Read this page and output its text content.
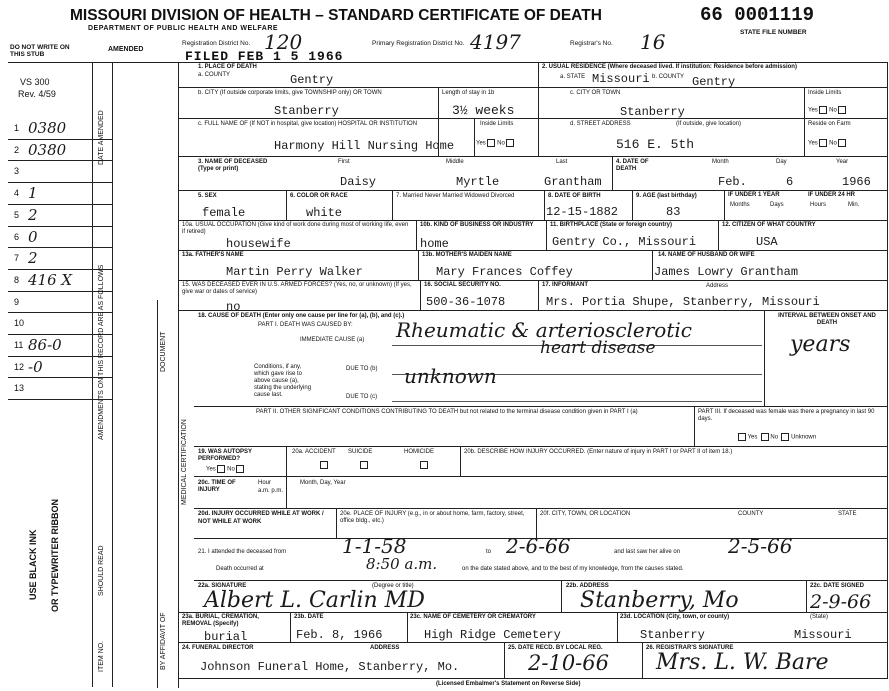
MISSOURI DIVISION OF HEALTH – STANDARD CERTIFICATE OF DEATH
DEPARTMENT OF PUBLIC HEALTH AND WELFARE
66 0001119
STATE FILE NUMBER
Registration District No. 120	Primary Registration District No. 4197	Registrar's No. 16
FILED FEB 1 5 1966
DO NOT WRITE ON THIS STUB
AMENDED
VS 300
Rev. 4/59
1 0380
2 0380
3
4 1
5 2
6 0
7 2
8 416 X
9
10
11 86-0
12 -0
13
DATE AMENDED
AMENDMENTS ON THIS RECORD ARE AS FOLLOWS	DOCUMENT
USE BLACK INK OR TYPEWRITER RIBBON	SHOULD READ
ITEM NO.	BY AFFIDAVIT OF
MEDICAL CERTIFICATION
1. PLACE OF DEATH
a. COUNTY	Gentry
b. CITY (If outside corporate limits, give TOWNSHIP only) OR TOWN
Stanberry
Length of stay in 1b
3½ weeks
c. FULL NAME OF (If NOT in hospital, give location) HOSPITAL OR INSTITUTION
Harmony Hill Nursing Home
Inside Limits
Yes No
2. USUAL RESIDENCE (Where deceased lived. If institution: Residence before admission)
a. STATE Missouri b. COUNTY Gentry
c. CITY OR TOWN
Stanberry
Inside Limits
Yes No
d. STREET ADDRESS	(If outside, give location)
516 E. 5th
Reside on Farm
Yes No
3. NAME OF DECEASED (Type or print)
First	Middle	Last
Daisy	Myrtle	Grantham
4. DATE OF DEATH
Month	Day	Year
Feb.	6	1966
5. SEX
female
6. COLOR OR RACE
white
7. Married Never Married Widowed Divorced	8. DATE OF BIRTH
12-15-1882
9. AGE (last birthday)
83
IF UNDER 1 YEAR	IF UNDER 24 HR
Months	Days	Hours	Min.
10a. USUAL OCCUPATION (Give kind of work done during most of working life, even if retired)
housewife
10b. KIND OF BUSINESS OR INDUSTRY
home
11. BIRTHPLACE (State or foreign country)
Gentry Co., Missouri
12. CITIZEN OF WHAT COUNTRY
USA
13a. FATHER'S NAME
Martin Perry Walker
13b. MOTHER'S MAIDEN NAME
Mary Frances Coffey
14. NAME OF HUSBAND OR WIFE
James Lowry Grantham
15. WAS DECEASED EVER IN U.S. ARMED FORCES? (Yes, no, or unknown) (If yes, give war or dates of service)
no
16. SOCIAL SECURITY NO.
500-36-1078
17. INFORMANT	Address
Mrs. Portia Shupe, Stanberry, Missouri
18. CAUSE OF DEATH (Enter only one cause per line for (a), (b), and (c).)
PART I. DEATH WAS CAUSED BY:
IMMEDIATE CAUSE (a) Rheumatic & arteriosclerotic
heart disease
INTERVAL BETWEEN ONSET AND DEATH
years
Conditions, if any, which gave rise to above cause (a), stating the underlying cause last.
DUE TO (b) unknown
DUE TO (c)
PART II. OTHER SIGNIFICANT CONDITIONS CONTRIBUTING TO DEATH but not related to the terminal disease condition given in PART I (a)	PART III. If deceased was female was there a pregnancy in last 90 days.
Yes No Unknown
19. WAS AUTOPSY PERFORMED?
Yes No
20a. ACCIDENT SUICIDE	HOMICIDE	20b. DESCRIBE HOW INJURY OCCURRED. (Enter nature of injury in PART I or PART II of item 18.)
20c. TIME OF INJURY
Hour a.m. p.m.
Month, Day, Year
20d. INJURY OCCURRED WHILE AT WORK / NOT WHILE AT WORK
20e. PLACE OF INJURY (e.g., in or about home, farm, factory, street, office bldg., etc.)
20f. CITY, TOWN, OR LOCATION	COUNTY	STATE
21. I attended the deceased from	1-1-58	to 2-6-66	and last saw her alive on 2-5-66
Death occurred at	8:50 a.m.	on the date stated above, and to the best of my knowledge, from the causes stated.
22a. SIGNATURE	(Degree or title)
Albert L. Carlin MD
22b. ADDRESS
Stanberry, Mo
22c. DATE SIGNED
2-9-66
23a. BURIAL, CREMATION, REMOVAL (Specify)
burial
23b. DATE
Feb. 8, 1966
23c. NAME OF CEMETERY OR CREMATORY
High Ridge Cemetery
23d. LOCATION (City, town, or county)	(State)
Stanberry	Missouri
24. FUNERAL DIRECTOR	ADDRESS
Johnson Funeral Home, Stanberry, Mo.
25. DATE RECD. BY LOCAL REG.
2-10-66
26. REGISTRAR'S SIGNATURE
Mrs. L. W. Bare
(Licensed Embalmer's Statement on Reverse Side)
